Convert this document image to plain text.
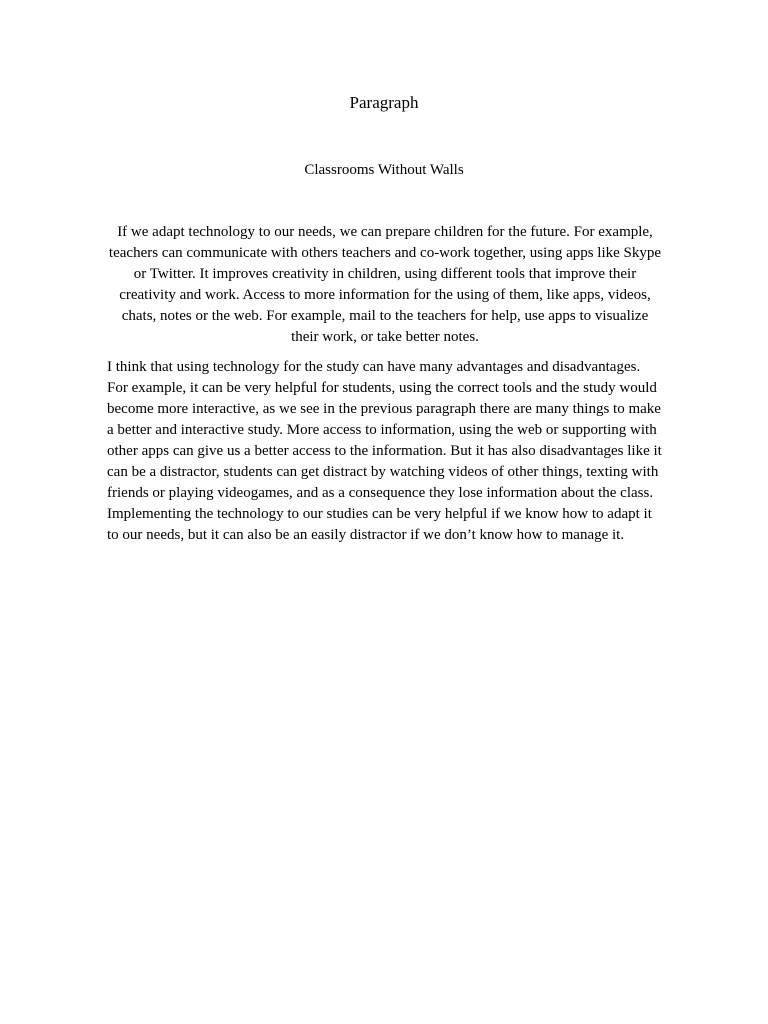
Paragraph
Classrooms Without Walls

If we adapt technology to our needs, we can prepare children for the future. For example, teachers can communicate with others teachers and co-work together, using apps like Skype or Twitter. It improves creativity in children, using different tools that improve their creativity and work. Access to more information for the using of them, like apps, videos, chats, notes or the web. For example, mail to the teachers for help, use apps to visualize their work, or take better notes.

I think that using technology for the study can have many advantages and disadvantages. For example, it can be very helpful for students, using the correct tools and the study would become more interactive, as we see in the previous paragraph there are many things to make a better and interactive study. More access to information, using the web or supporting with other apps can give us a better access to the information. But it has also disadvantages like it can be a distractor, students can get distract by watching videos of other things, texting with friends or playing videogames, and as a consequence they lose information about the class. Implementing the technology to our studies can be very helpful if we know how to adapt it to our needs, but it can also be an easily distractor if we don’t know how to manage it.
